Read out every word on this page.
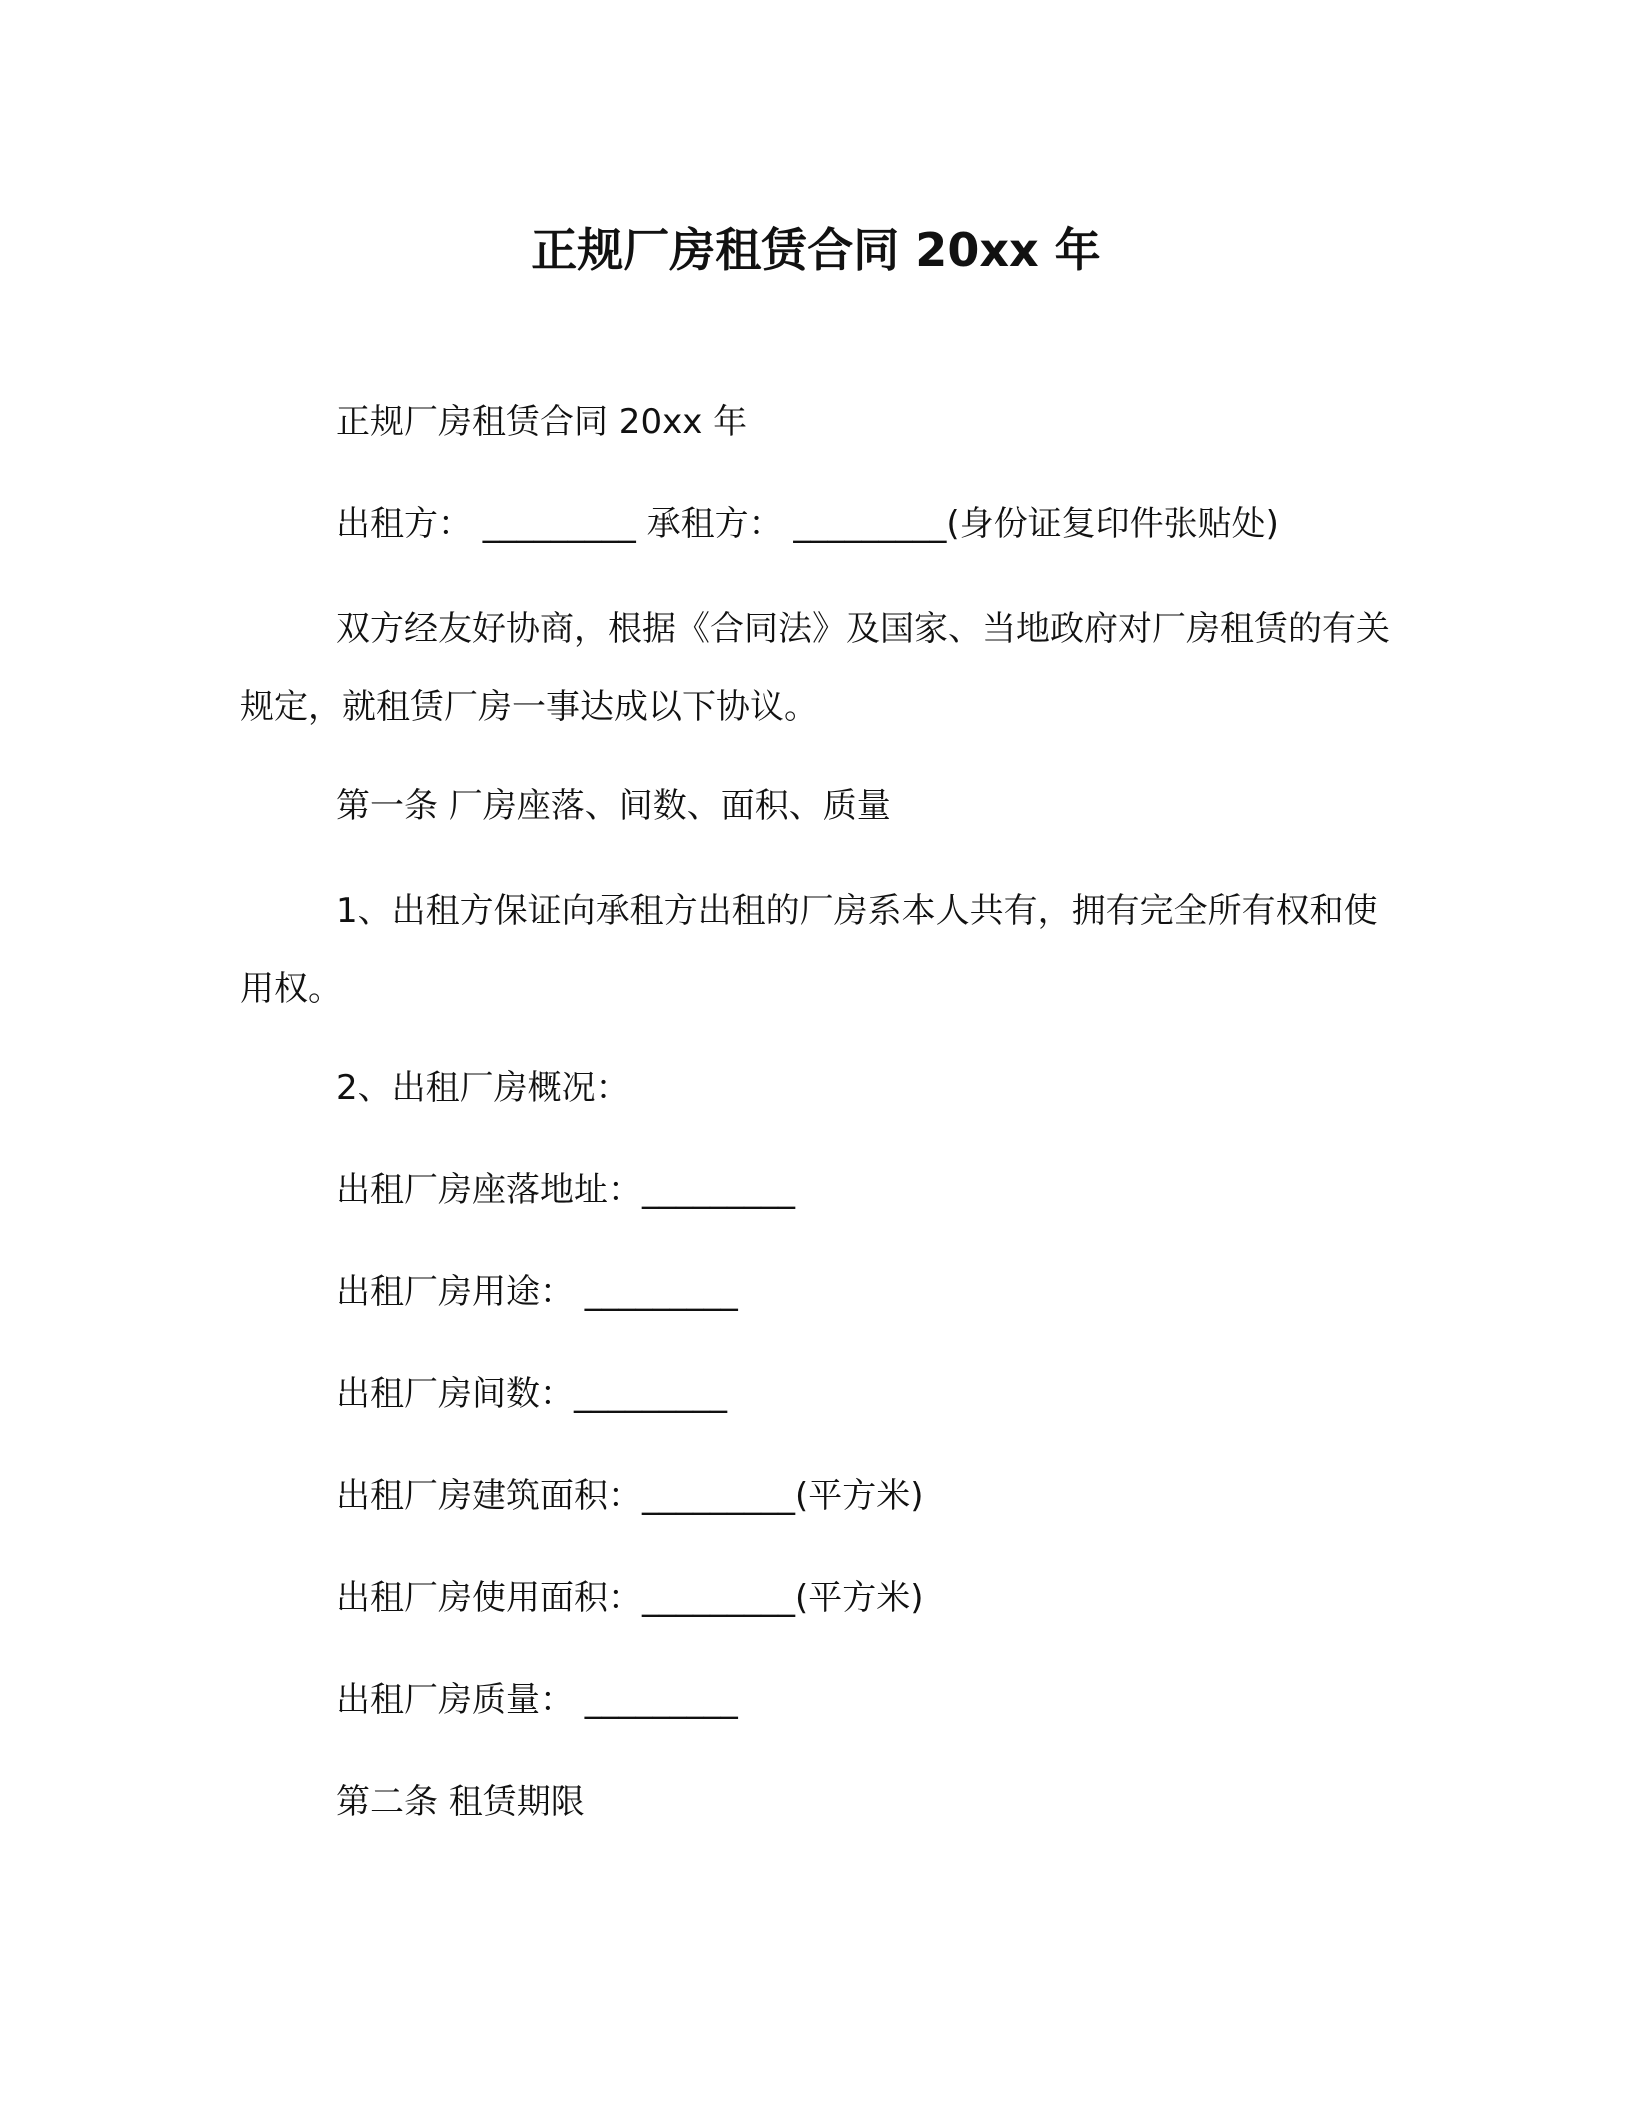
正规厂房租赁合同 20xx 年
正规厂房租赁合同 20xx 年
出租方： _________ 承租方： _________(身份证复印件张贴处)
双方经友好协商，根据《合同法》及国家、当地政府对厂房租赁的有关规定，就租赁厂房一事达成以下协议。
第一条 厂房座落、间数、面积、质量
1、出租方保证向承租方出租的厂房系本人共有，拥有完全所有权和使用权。
2、出租厂房概况：
出租厂房座落地址：_________
出租厂房用途： _________
出租厂房间数：_________
出租厂房建筑面积：_________(平方米)
出租厂房使用面积：_________(平方米)
出租厂房质量： _________
第二条 租赁期限
